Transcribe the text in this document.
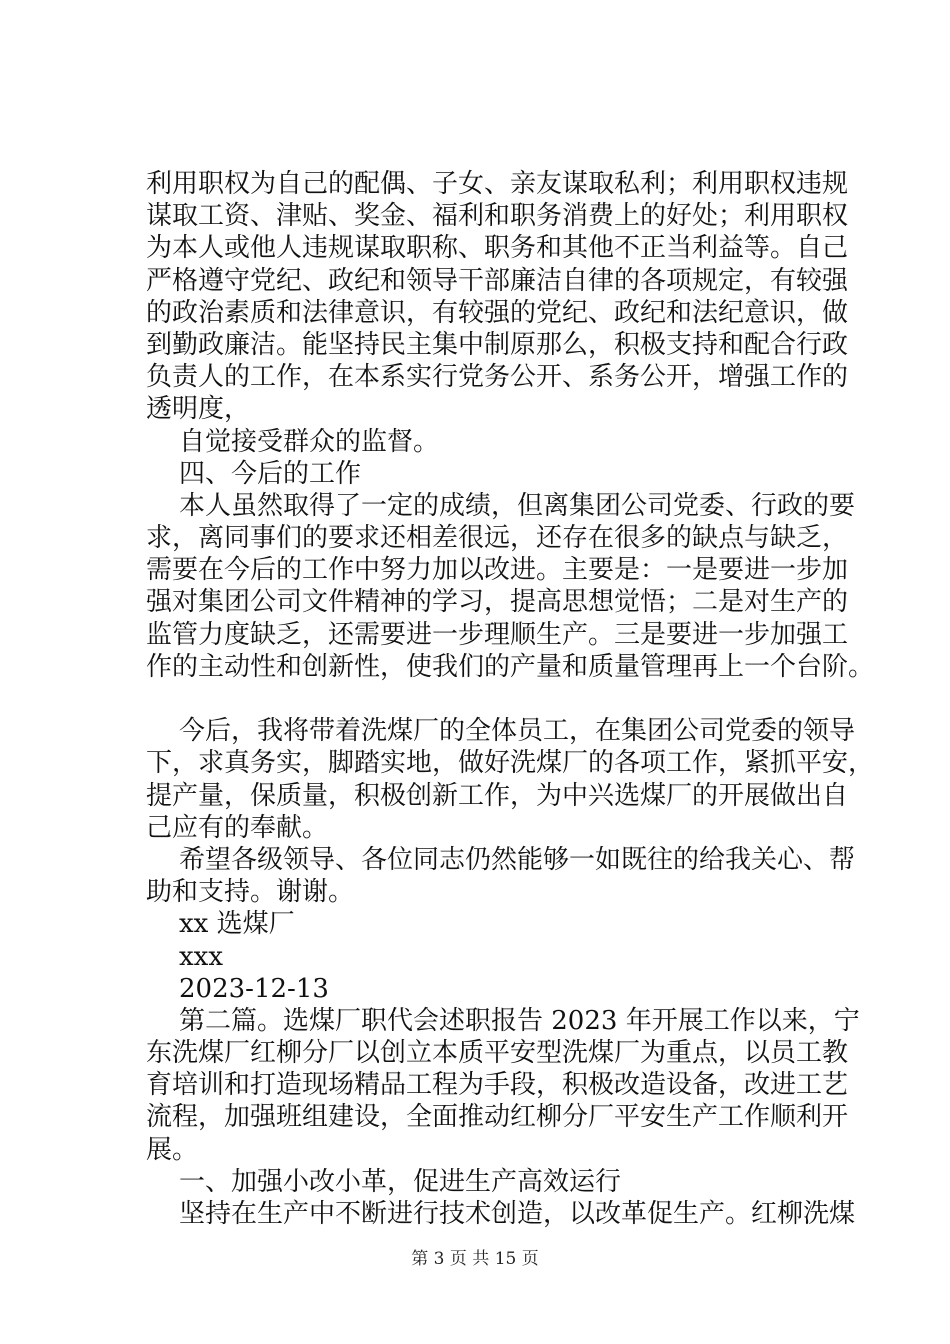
利用职权为自己的配偶、子女、亲友谋取私利；利用职权违规
谋取工资、津贴、奖金、福利和职务消费上的好处；利用职权
为本人或他人违规谋取职称、职务和其他不正当利益等。自己
严格遵守党纪、政纪和领导干部廉洁自律的各项规定，有较强
的政治素质和法律意识，有较强的党纪、政纪和法纪意识，做
到勤政廉洁。能坚持民主集中制原那么，积极支持和配合行政
负责人的工作，在本系实行党务公开、系务公开，增强工作的
透明度，
自觉接受群众的监督。
四、今后的工作
本人虽然取得了一定的成绩，但离集团公司党委、行政的要
求，离同事们的要求还相差很远，还存在很多的缺点与缺乏，
需要在今后的工作中努力加以改进。主要是：一是要进一步加
强对集团公司文件精神的学习，提高思想觉悟；二是对生产的
监管力度缺乏，还需要进一步理顺生产。三是要进一步加强工
作的主动性和创新性，使我们的产量和质量管理再上一个台阶。
今后，我将带着洗煤厂的全体员工，在集团公司党委的领导
下，求真务实，脚踏实地，做好洗煤厂的各项工作，紧抓平安，
提产量，保质量，积极创新工作，为中兴选煤厂的开展做出自
己应有的奉献。
希望各级领导、各位同志仍然能够一如既往的给我关心、帮
助和支持。谢谢。
xx 选煤厂
xxx
2023-12-13
第二篇。选煤厂职代会述职报告 2023 年开展工作以来，宁
东洗煤厂红柳分厂以创立本质平安型洗煤厂为重点，以员工教
育培训和打造现场精品工程为手段，积极改造设备，改进工艺
流程，加强班组建设，全面推动红柳分厂平安生产工作顺利开
展。
一、加强小改小革，促进生产高效运行
坚持在生产中不断进行技术创造，以改革促生产。红柳洗煤
第 3 页 共 15 页
